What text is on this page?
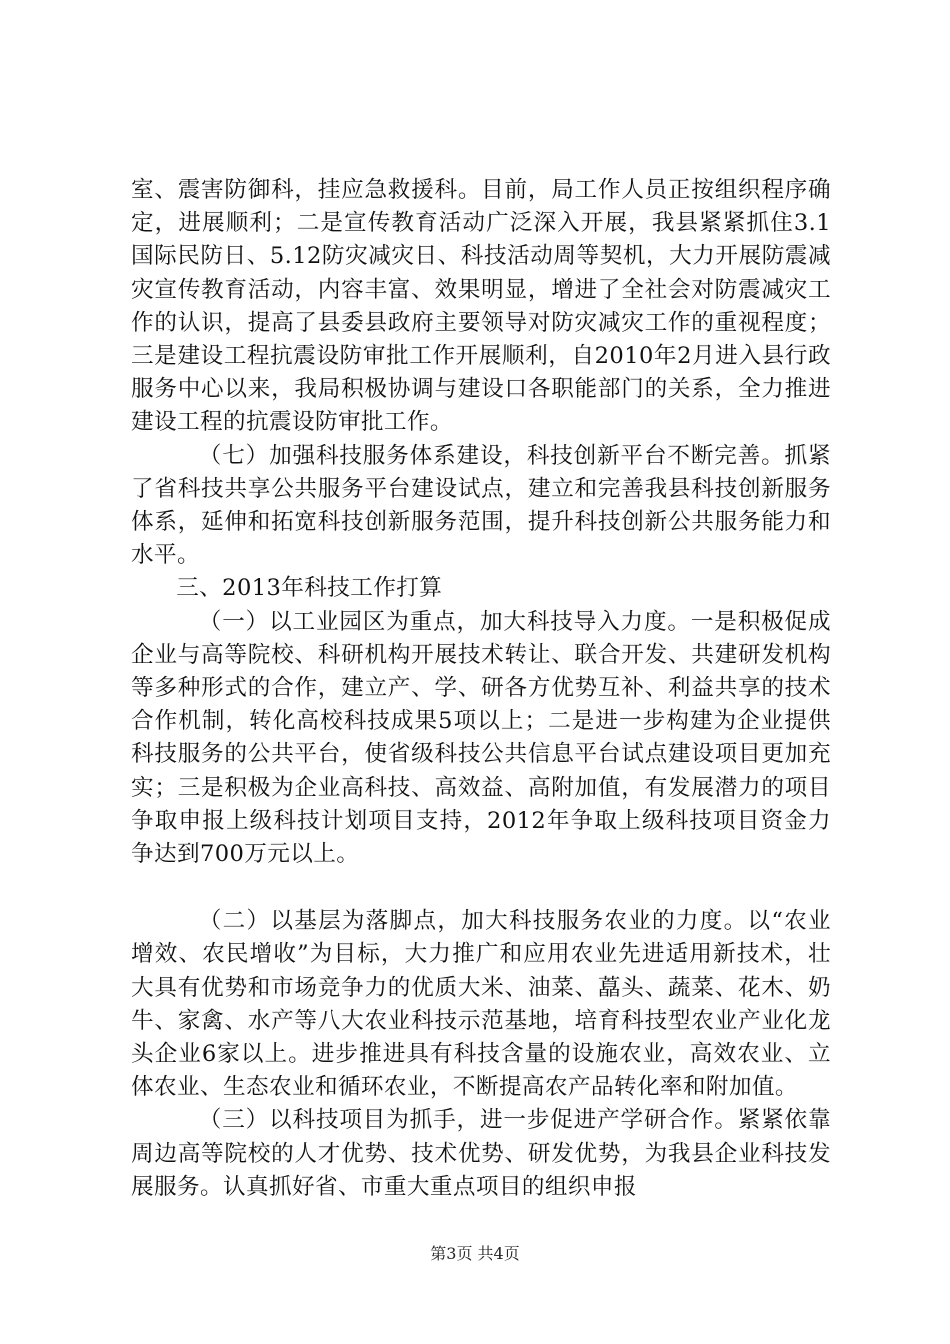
室、震害防御科，挂应急救援科。目前，局工作人员正按组织程序确定，进展顺利；二是宣传教育活动广泛深入开展，我县紧紧抓住3.1国际民防日、5.12防灾减灾日、科技活动周等契机，大力开展防震减灾宣传教育活动，内容丰富、效果明显，增进了全社会对防震减灾工作的认识，提高了县委县政府主要领导对防灾减灾工作的重视程度；三是建设工程抗震设防审批工作开展顺利，自2010年2月进入县行政服务中心以来，我局积极协调与建设口各职能部门的关系，全力推进建设工程的抗震设防审批工作。

（七）加强科技服务体系建设，科技创新平台不断完善。抓紧了省科技共享公共服务平台建设试点，建立和完善我县科技创新服务体系，延伸和拓宽科技创新服务范围，提升科技创新公共服务能力和水平。

三、2013年科技工作打算

（一）以工业园区为重点，加大科技导入力度。一是积极促成企业与高等院校、科研机构开展技术转让、联合开发、共建研发机构等多种形式的合作，建立产、学、研各方优势互补、利益共享的技术合作机制，转化高校科技成果5项以上；二是进一步构建为企业提供科技服务的公共平台，使省级科技公共信息平台试点建设项目更加充实；三是积极为企业高科技、高效益、高附加值，有发展潜力的项目争取申报上级科技计划项目支持，2012年争取上级科技项目资金力争达到700万元以上。

（二）以基层为落脚点，加大科技服务农业的力度。以“农业增效、农民增收”为目标，大力推广和应用农业先进适用新技术，壮大具有优势和市场竞争力的优质大米、油菜、藠头、蔬菜、花木、奶牛、家禽、水产等八大农业科技示范基地，培育科技型农业产业化龙头企业6家以上。进步推进具有科技含量的设施农业，高效农业、立体农业、生态农业和循环农业，不断提高农产品转化率和附加值。

（三）以科技项目为抓手，进一步促进产学研合作。紧紧依靠周边高等院校的人才优势、技术优势、研发优势，为我县企业科技发展服务。认真抓好省、市重大重点项目的组织申报

第3页 共4页
